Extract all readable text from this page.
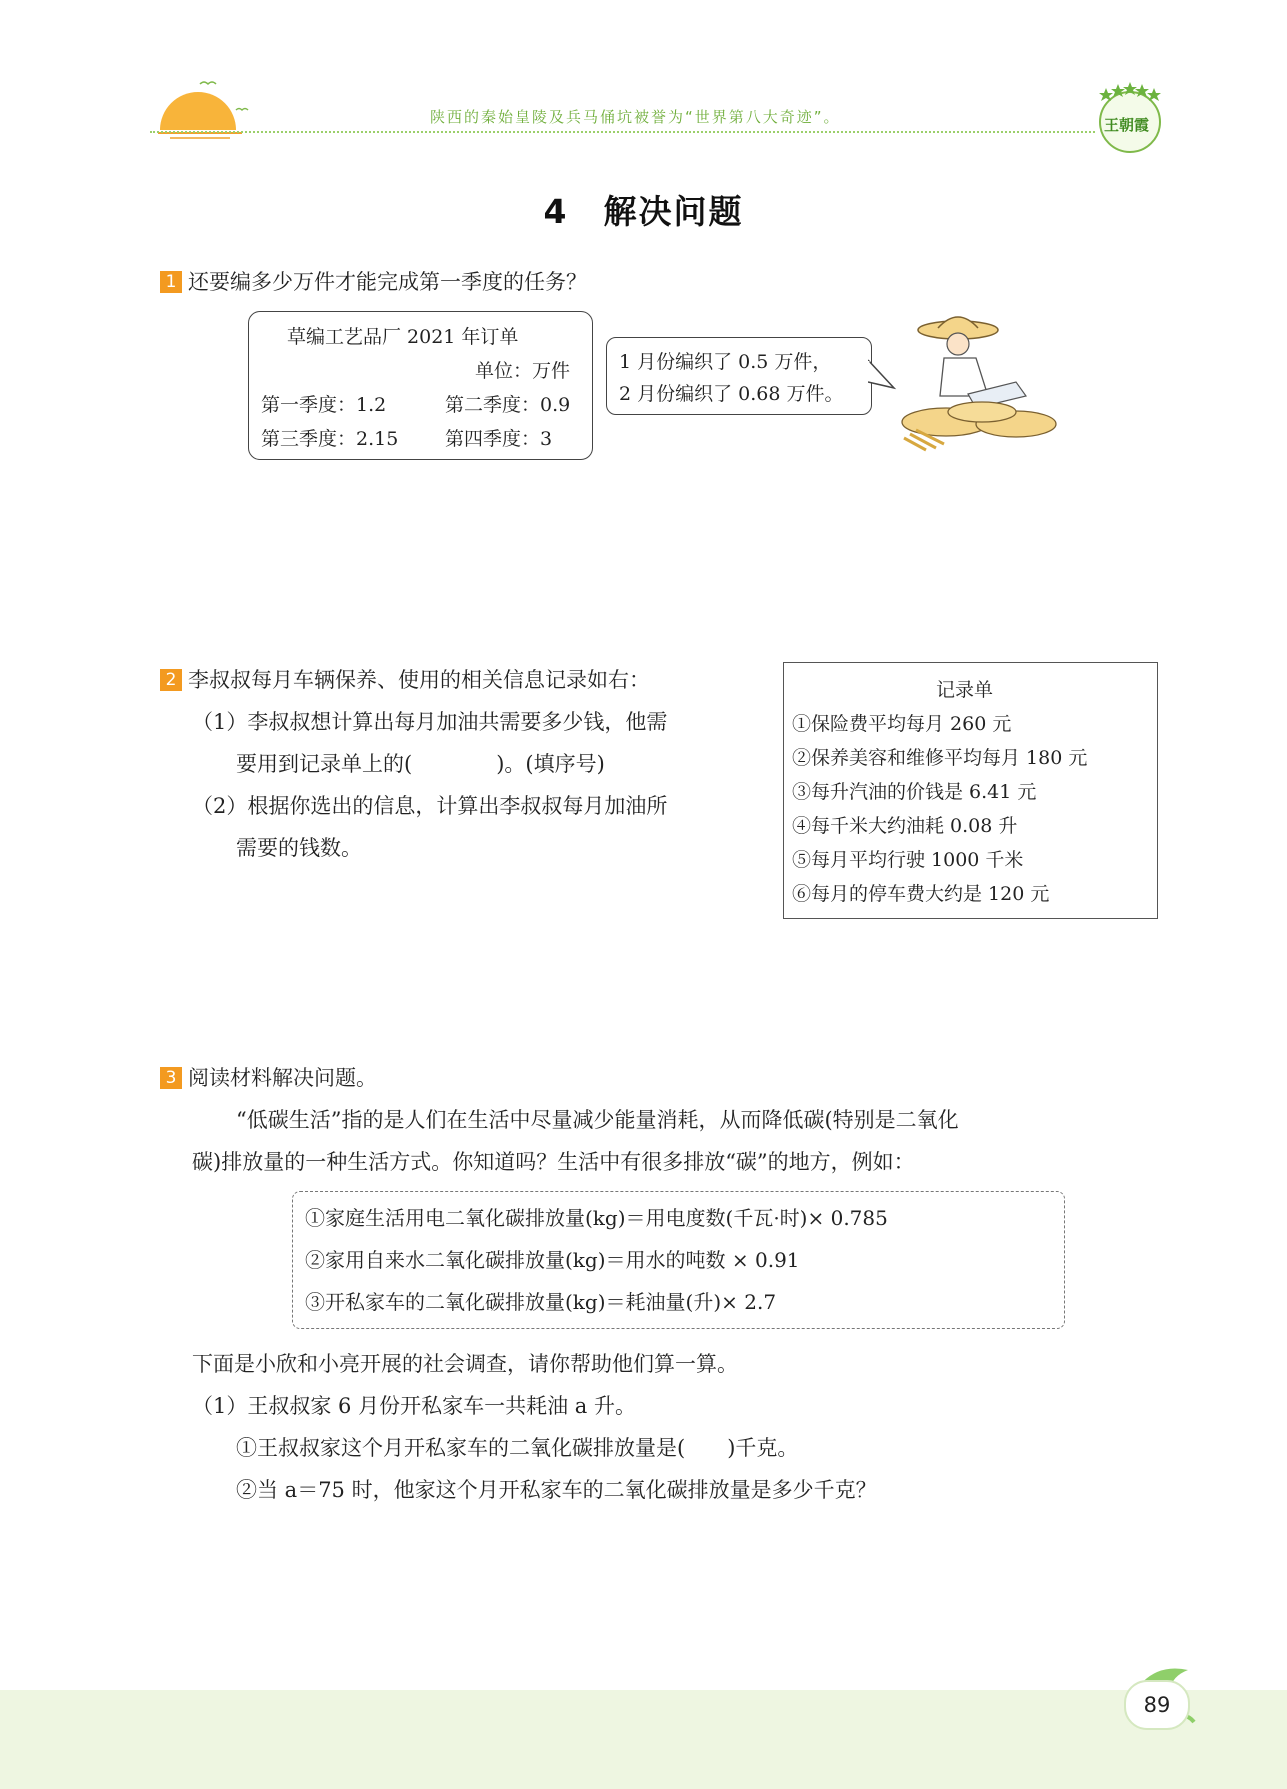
陕西的秦始皇陵及兵马俑坑被誉为“世界第八大奇迹”。	王朝霞
4　解决问题
1 还要编多少万件才能完成第一季度的任务？
草编工艺品厂 2021 年订单
单位：万件
第一季度：1.2	第二季度：0.9
第三季度：2.15 第四季度：3
1 月份编织了 0.5 万件，
2 月份编织了 0.68 万件。
2 李叔叔每月车辆保养、使用的相关信息记录如右：
（1）李叔叔想计算出每月加油共需要多少钱，他需
要用到记录单上的(　　　　)。(填序号)
（2）根据你选出的信息，计算出李叔叔每月加油所
需要的钱数。
记录单
①保险费平均每月 260 元
②保养美容和维修平均每月 180 元
③每升汽油的价钱是 6.41 元
④每千米大约油耗 0.08 升
⑤每月平均行驶 1000 千米
⑥每月的停车费大约是 120 元
3 阅读材料解决问题。
“低碳生活”指的是人们在生活中尽量减少能量消耗，从而降低碳(特别是二氧化
碳)排放量的一种生活方式。你知道吗？生活中有很多排放“碳”的地方，例如：
①家庭生活用电二氧化碳排放量(kg)＝用电度数(千瓦·时)× 0.785
②家用自来水二氧化碳排放量(kg)＝用水的吨数 × 0.91
③开私家车的二氧化碳排放量(kg)＝耗油量(升)× 2.7
下面是小欣和小亮开展的社会调查，请你帮助他们算一算。
（1）王叔叔家 6 月份开私家车一共耗油 a 升。
①王叔叔家这个月开私家车的二氧化碳排放量是(　　)千克。
②当 a＝75 时，他家这个月开私家车的二氧化碳排放量是多少千克？
89
